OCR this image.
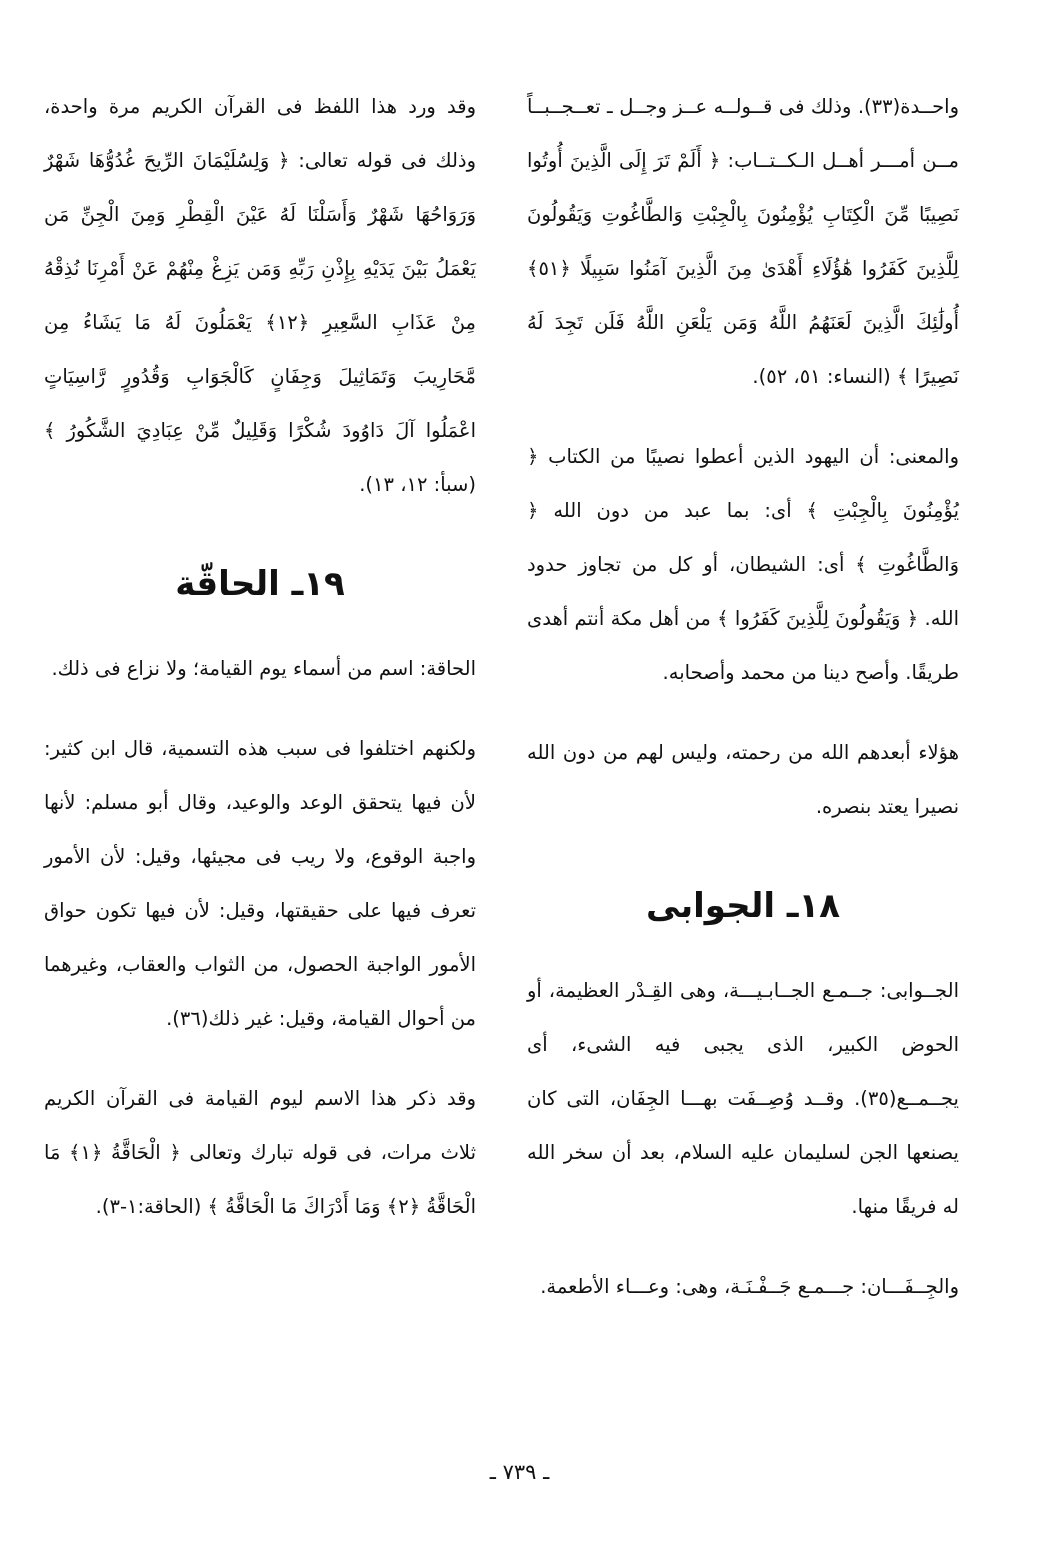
واحــدة(٣٣). وذلك فى قــولــه عــز وجــل ـ تعــجــبــاً مــن أمـــر أهــل الـكــتــاب: ﴿ أَلَمْ تَرَ إِلَى الَّذِينَ أُوتُوا نَصِيبًا مِّنَ الْكِتَابِ يُؤْمِنُونَ بِالْجِبْتِ وَالطَّاغُوتِ وَيَقُولُونَ لِلَّذِينَ كَفَرُوا هَٰؤُلَاءِ أَهْدَىٰ مِنَ الَّذِينَ آمَنُوا سَبِيلًا ﴿٥١﴾ أُولَٰئِكَ الَّذِينَ لَعَنَهُمُ اللَّهُ وَمَن يَلْعَنِ اللَّهُ فَلَن تَجِدَ لَهُ نَصِيرًا ﴾ (النساء: ٥١، ٥٢).

والمعنى: أن اليهود الذين أعطوا نصيبًا من الكتاب ﴿ يُؤْمِنُونَ بِالْجِبْتِ ﴾ أى: بما عبد من دون الله ﴿ وَالطَّاغُوتِ ﴾ أى: الشيطان، أو كل من تجاوز حدود الله. ﴿ وَيَقُولُونَ لِلَّذِينَ كَفَرُوا ﴾ من أهل مكة أنتم أهدى طريقًا. وأصح دينا من محمد وأصحابه.

هؤلاء أبعدهم الله من رحمته، وليس لهم من دون الله نصيرا يعتد بنصره.

١٨ـ الجوابى

الجــوابى: جــمـع الجــابـيـــة، وهى القِـدْر العظيمة، أو الحوض الكبير، الذى يجبى فيه الشىء، أى يجــمــع(٣٥). وقــد وُصِــفَت بهـــا الجِفَان، التى كان يصنعها الجن لسليمان عليه السلام، بعد أن سخر الله له فريقًا منها.

والجِــفَـــان: جـــمـع جَــفْـنَـة، وهى: وعـــاء الأطعمة.

وقد ورد هذا اللفظ فى القرآن الكريم مرة واحدة، وذلك فى قوله تعالى: ﴿ وَلِسُلَيْمَانَ الرِّيحَ غُدُوُّهَا شَهْرٌ وَرَوَاحُهَا شَهْرٌ وَأَسَلْنَا لَهُ عَيْنَ الْقِطْرِ وَمِنَ الْجِنِّ مَن يَعْمَلُ بَيْنَ يَدَيْهِ بِإِذْنِ رَبِّهِ وَمَن يَزِغْ مِنْهُمْ عَنْ أَمْرِنَا نُذِقْهُ مِنْ عَذَابِ السَّعِيرِ ﴿١٢﴾ يَعْمَلُونَ لَهُ مَا يَشَاءُ مِن مَّحَارِيبَ وَتَمَاثِيلَ وَجِفَانٍ كَالْجَوَابِ وَقُدُورٍ رَّاسِيَاتٍ اعْمَلُوا آلَ دَاوُودَ شُكْرًا وَقَلِيلٌ مِّنْ عِبَادِيَ الشَّكُورُ ﴾ (سبأ: ١٢، ١٣).

١٩ـ الحاقّة

الحاقة: اسم من أسماء يوم القيامة؛ ولا نزاع فى ذلك.

ولكنهم اختلفوا فى سبب هذه التسمية، قال ابن كثير: لأن فيها يتحقق الوعد والوعيد، وقال أبو مسلم: لأنها واجبة الوقوع، ولا ريب فى مجيئها، وقيل: لأن الأمور تعرف فيها على حقيقتها، وقيل: لأن فيها تكون حواق الأمور الواجبة الحصول، من الثواب والعقاب، وغيرهما من أحوال القيامة، وقيل: غير ذلك(٣٦).

وقد ذكر هذا الاسم ليوم القيامة فى القرآن الكريم ثلاث مرات، فى قوله تبارك وتعالى ﴿ الْحَاقَّةُ ﴿١﴾ مَا الْحَاقَّةُ ﴿٢﴾ وَمَا أَدْرَاكَ مَا الْحَاقَّةُ ﴾ (الحاقة:١-٣).

ـ ٧٣٩ ـ
